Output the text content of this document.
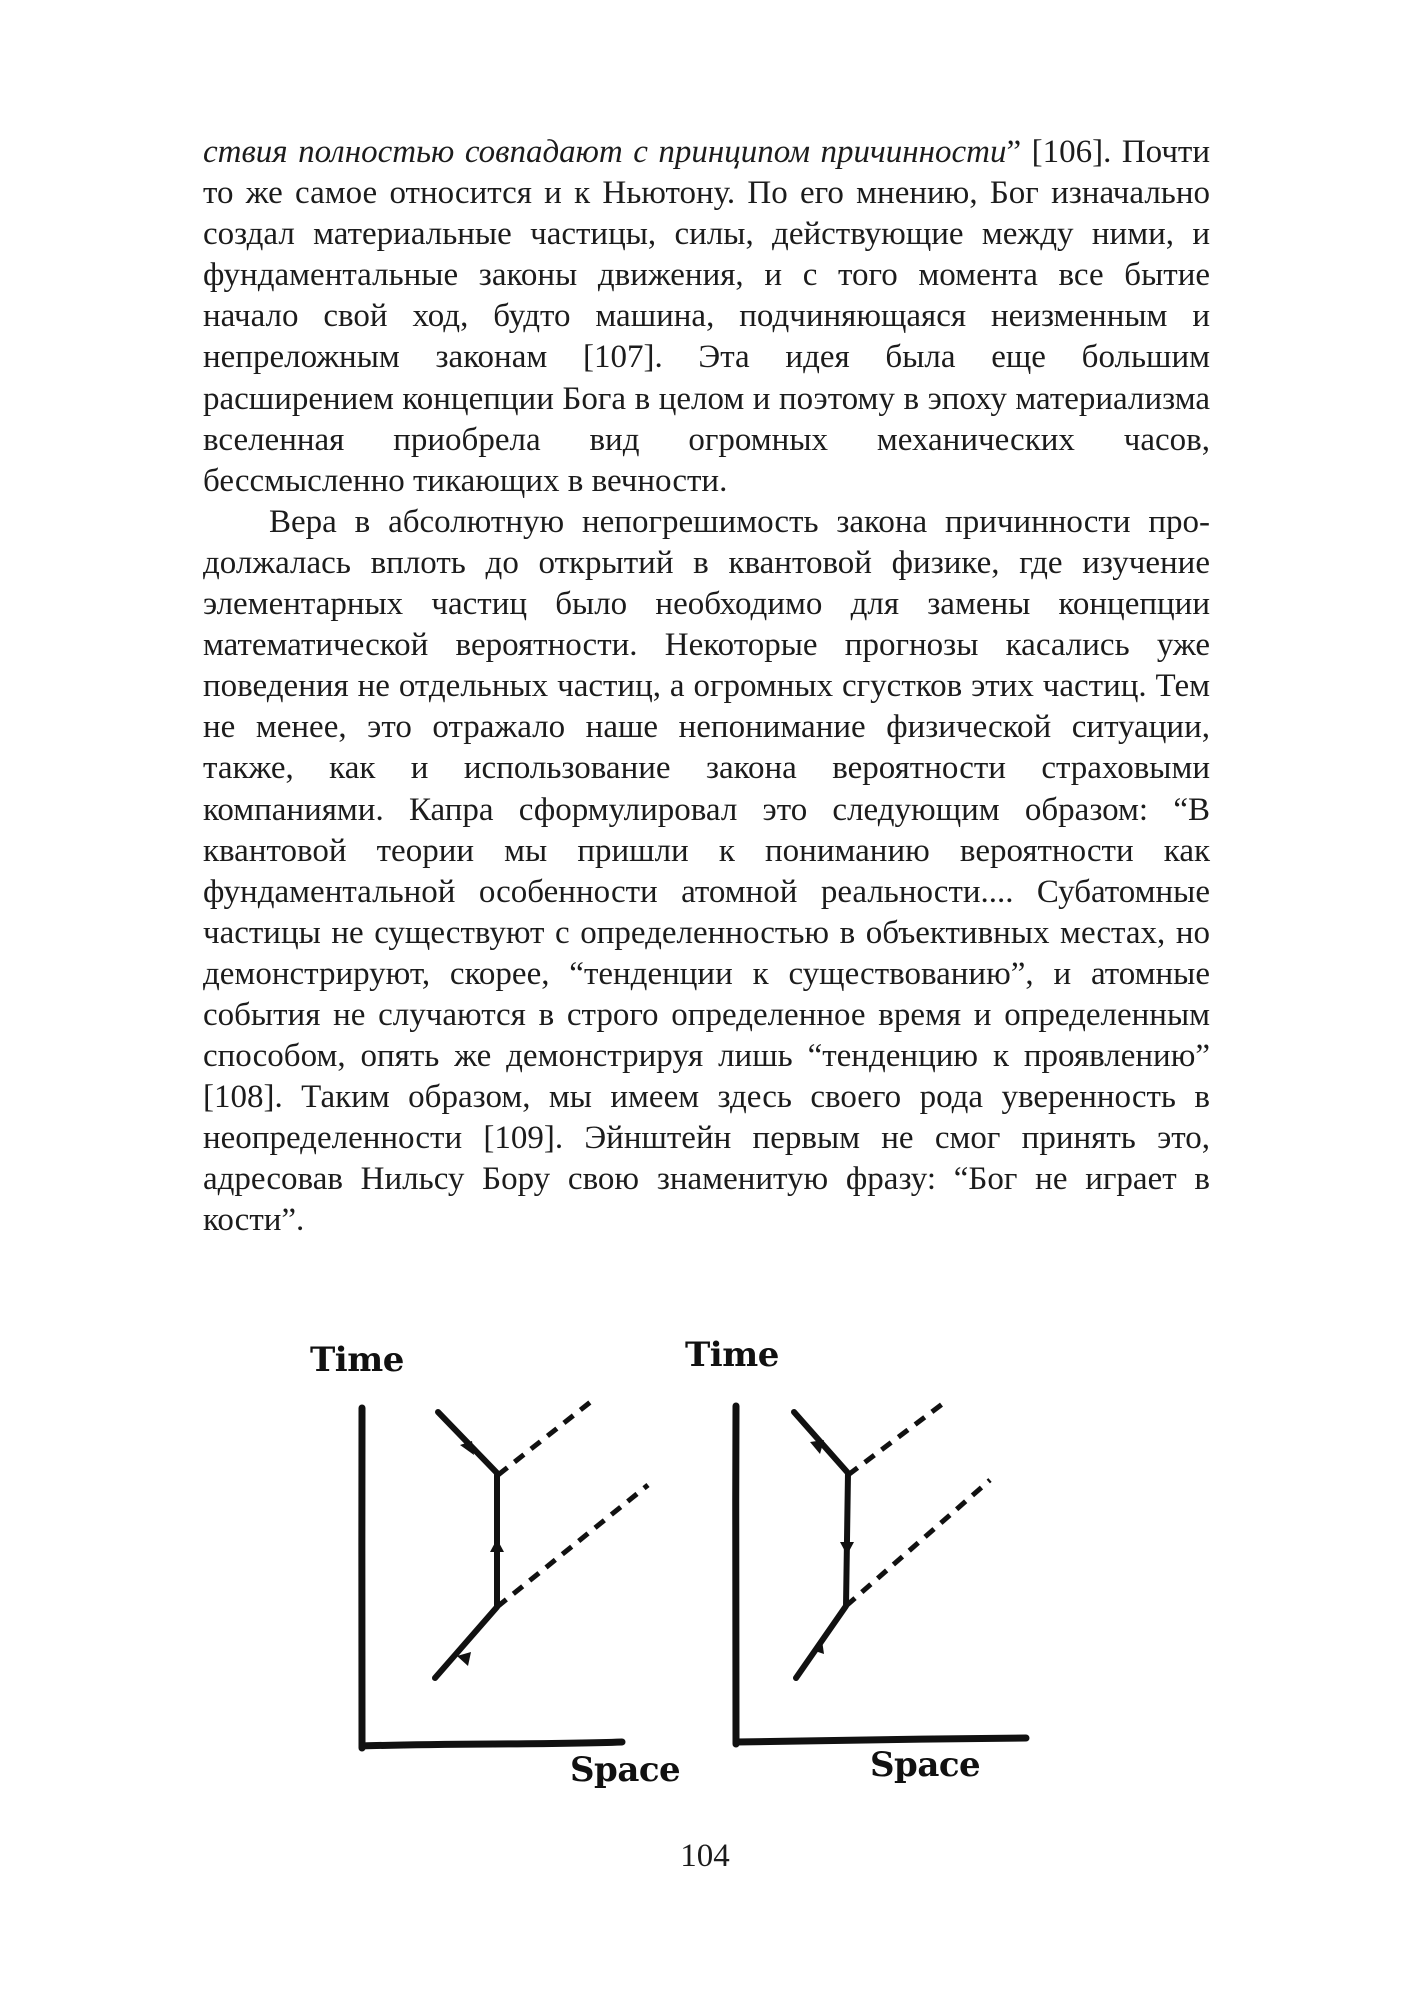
ствия полностью совпадают с принципом причинности” [106]. Почти то же самое относится и к Ньютону. По его мнению, Бог изначально создал материальные частицы, силы, действующие между ними, и фундаментальные законы движения, и с того момента все бытие начало свой ход, будто машина, подчиняющаяся неизменным и непреложным законам [107]. Эта идея была еще большим расширением концепции Бога в целом и поэтому в эпоху материализма вселенная приобрела вид огромных механических часов, бессмысленно тикающих в вечности.

Вера в абсолютную непогрешимость закона причинности продолжалась вплоть до открытий в квантовой физике, где изучение элементарных частиц было необходимо для замены концепции математической вероятности. Некоторые прогнозы касались уже поведения не отдельных частиц, а огромных сгустков этих частиц. Тем не менее, это отражало наше непонимание физической ситуации, также, как и использование закона вероятности страховыми компаниями. Капра сформулировал это следующим образом: “В квантовой теории мы пришли к пониманию вероятности как фундаментальной особенности атомной реальности.... Субатомные частицы не существуют с определенностью в объективных местах, но демонстрируют, скорее, “тенденции к существованию”, и атомные события не случаются в строго определенное время и определенным способом, опять же демонстрируя лишь “тенденцию к проявлению” [108]. Таким образом, мы имеем здесь своего рода уверенность в неопределенности [109]. Эйнштейн первым не смог принять это, адресовав Нильсу Бору свою знаменитую фразу: “Бог не играет в кости”.

Time
Space
Time
Space
104
